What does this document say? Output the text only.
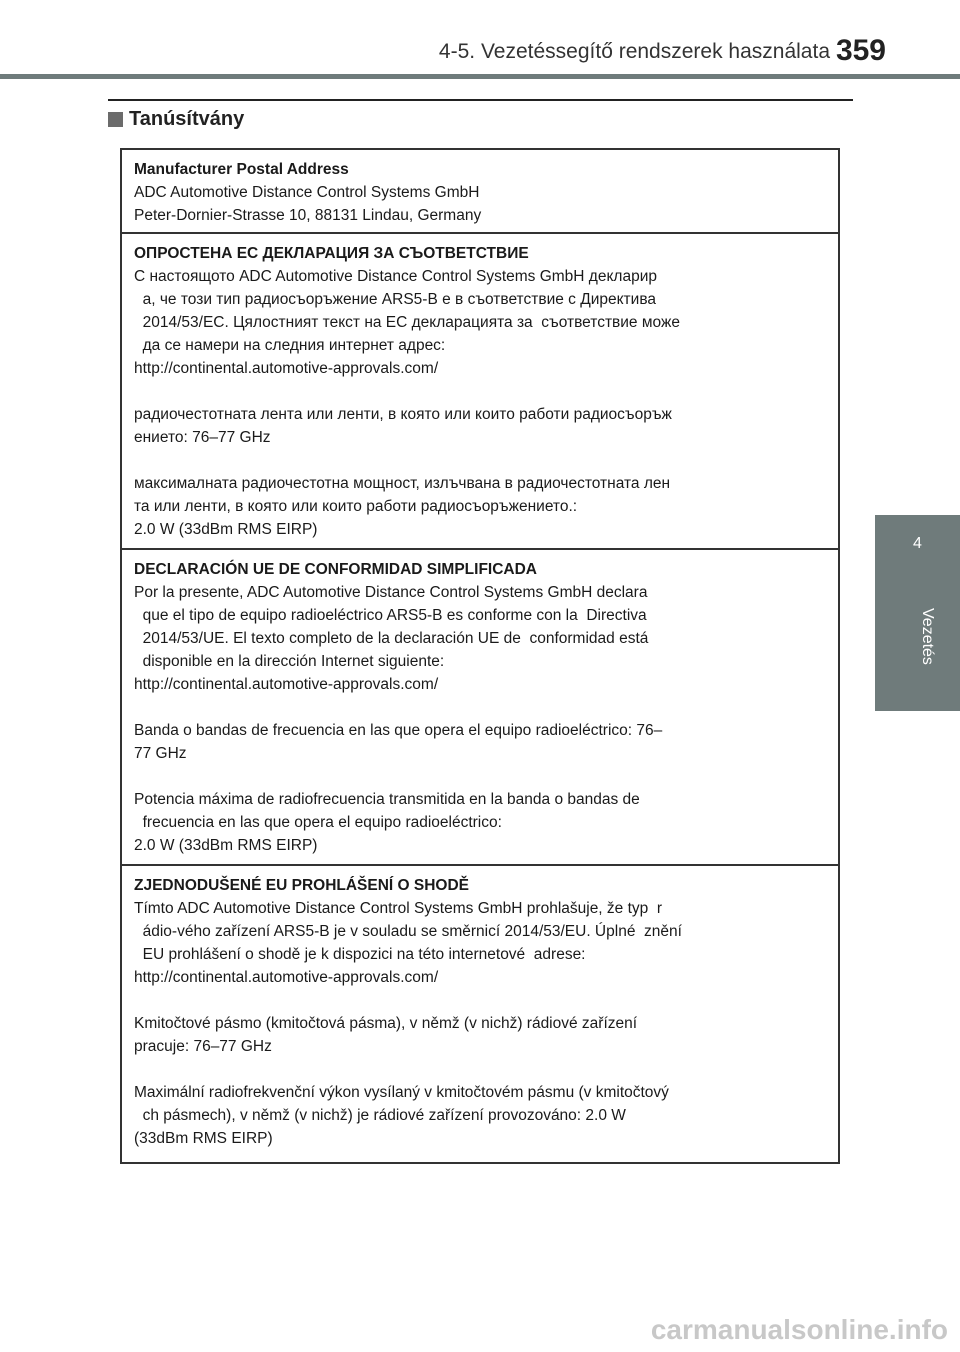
4-5. Vezetéssegítő rendszerek használata 359
Tanúsítvány
4
Vezetés
Manufacturer Postal Address
ADC Automotive Distance Control Systems GmbH
Peter-Dornier-Strasse 10, 88131 Lindau, Germany
ОПРОСТЕНА ЕС ДЕКЛАРАЦИЯ ЗА СЪОТВЕТСТВИЕ
С настоящото ADC Automotive Distance Control Systems GmbH деклариp
а, че този тип радиосъоръжение ARS5-B е в съответствие с Директива
2014/53/ЕС. Цялостният текст на ЕС декларацията за  съответствие може
да се намери на следния интернет адрес:
http://continental.automotive-approvals.com/
радиочестотната лента или ленти, в която или които работи радиосъоръж
ението: 76–77 GHz
максималната радиочестотна мощност, излъчвана в радиочестотната лен
та или ленти, в която или които работи радиосъоръжението.:
2.0 W (33dBm RMS EIRP)
DECLARACIÓN UE DE CONFORMIDAD SIMPLIFICADA
Por la presente, ADC Automotive Distance Control Systems GmbH declara
que el tipo de equipo radioeléctrico ARS5-B es conforme con la  Directiva
2014/53/UE. El texto completo de la declaración UE de  conformidad está
disponible en la dirección Internet siguiente:
http://continental.automotive-approvals.com/
Banda o bandas de frecuencia en las que opera el equipo radioeléctrico: 76–
77 GHz
Potencia máxima de radiofrecuencia transmitida en la banda o bandas de
frecuencia en las que opera el equipo radioeléctrico:
2.0 W (33dBm RMS EIRP)
ZJEDNODUŠENÉ EU PROHLÁŠENÍ O SHODĚ
Tímto ADC Automotive Distance Control Systems GmbH prohlašuje, že typ  r
ádio-vého zařízení ARS5-B je v souladu se směrnicí 2014/53/EU. Úplné  znění
EU prohlášení o shodě je k dispozici na této internetové  adrese:
http://continental.automotive-approvals.com/
Kmitočtové pásmo (kmitočtová pásma), v němž (v nichž) rádiové zařízení
pracuje: 76–77 GHz
Maximální radiofrekvenční výkon vysílaný v kmitočtovém pásmu (v kmitočtový
ch pásmech), v němž (v nichž) je rádiové zařízení provozováno: 2.0 W
(33dBm RMS EIRP)
carmanualsonline.info
